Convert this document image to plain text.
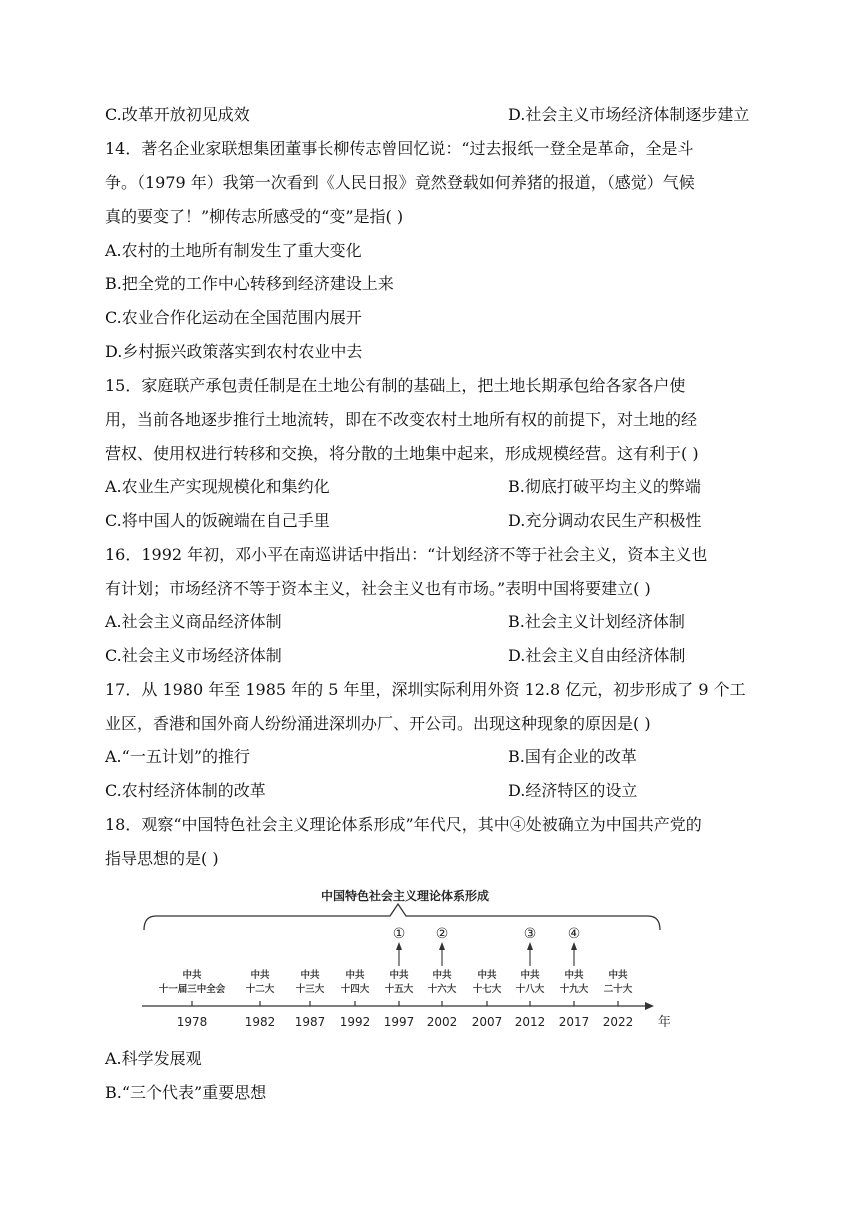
C.改革开放初见成效	D.社会主义市场经济体制逐步建立
14．著名企业家联想集团董事长柳传志曾回忆说：“过去报纸一登全是革命，全是斗
争。（1979 年）我第一次看到《人民日报》竟然登载如何养猪的报道，（感觉）气候
真的要变了！”柳传志所感受的“变”是指( )
A.农村的土地所有制发生了重大变化
B.把全党的工作中心转移到经济建设上来
C.农业合作化运动在全国范围内展开
D.乡村振兴政策落实到农村农业中去
15．家庭联产承包责任制是在土地公有制的基础上，把土地长期承包给各家各户使
用，当前各地逐步推行土地流转，即在不改变农村土地所有权的前提下，对土地的经
营权、使用权进行转移和交换，将分散的土地集中起来，形成规模经营。这有利于( )
A.农业生产实现规模化和集约化	B.彻底打破平均主义的弊端
C.将中国人的饭碗端在自己手里	D.充分调动农民生产积极性
16．1992 年初，邓小平在南巡讲话中指出：“计划经济不等于社会主义，资本主义也
有计划；市场经济不等于资本主义，社会主义也有市场。”表明中国将要建立( )
A.社会主义商品经济体制	B.社会主义计划经济体制
C.社会主义市场经济体制	D.社会主义自由经济体制
17．从 1980 年至 1985 年的 5 年里，深圳实际利用外资 12.8 亿元，初步形成了 9 个工
业区，香港和国外商人纷纷涌进深圳办厂、开公司。出现这种现象的原因是( )
A.“一五计划”的推行	B.国有企业的改革
C.农村经济体制的改革	D.经济特区的设立
18．观察“中国特色社会主义理论体系形成”年代尺，其中④处被确立为中国共产党的
指导思想的是( )
中国特色社会主义理论体系形成
年
中共
十一届三中全会
1978
中共
十二大
1982
中共
十三大
1987
中共
十四大
1992
中共
十五大
1997
中共
十六大
2002
中共
十七大
2007
中共
十八大
2012
中共
十九大
2017
中共
二十大
2022
① ②	③ ④
A.科学发展观
B.“三个代表”重要思想
